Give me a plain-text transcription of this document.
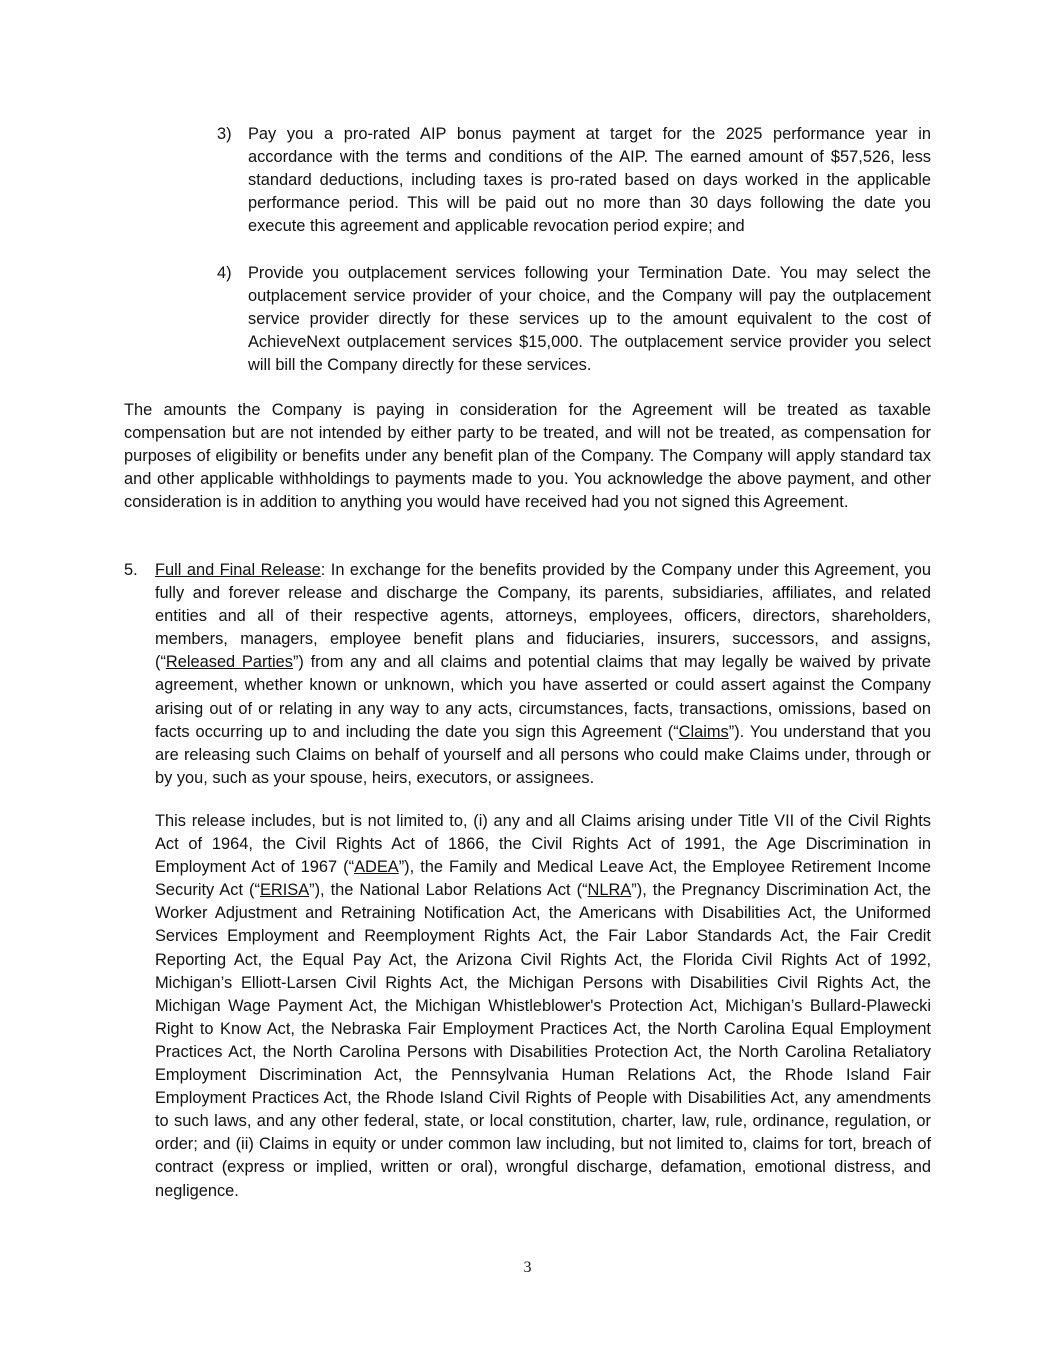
3)	Pay you a pro-rated AIP bonus payment at target for the 2025 performance year in accordance with the terms and conditions of the AIP. The earned amount of $57,526, less standard deductions, including taxes is pro-rated based on days worked in the applicable performance period. This will be paid out no more than 30 days following the date you execute this agreement and applicable revocation period expire; and
4)	Provide you outplacement services following your Termination Date. You may select the outplacement service provider of your choice, and the Company will pay the outplacement service provider directly for these services up to the amount equivalent to the cost of AchieveNext outplacement services $15,000. The outplacement service provider you select will bill the Company directly for these services.
The amounts the Company is paying in consideration for the Agreement will be treated as taxable compensation but are not intended by either party to be treated, and will not be treated, as compensation for purposes of eligibility or benefits under any benefit plan of the Company. The Company will apply standard tax and other applicable withholdings to payments made to you. You acknowledge the above payment, and other consideration is in addition to anything you would have received had you not signed this Agreement.
5. Full and Final Release: In exchange for the benefits provided by the Company under this Agreement, you fully and forever release and discharge the Company, its parents, subsidiaries, affiliates, and related entities and all of their respective agents, attorneys, employees, officers, directors, shareholders, members, managers, employee benefit plans and fiduciaries, insurers, successors, and assigns, (“Released Parties”) from any and all claims and potential claims that may legally be waived by private agreement, whether known or unknown, which you have asserted or could assert against the Company arising out of or relating in any way to any acts, circumstances, facts, transactions, omissions, based on facts occurring up to and including the date you sign this Agreement (“Claims”). You understand that you are releasing such Claims on behalf of yourself and all persons who could make Claims under, through or by you, such as your spouse, heirs, executors, or assignees.
This release includes, but is not limited to, (i) any and all Claims arising under Title VII of the Civil Rights Act of 1964, the Civil Rights Act of 1866, the Civil Rights Act of 1991, the Age Discrimination in Employment Act of 1967 (“ADEA”), the Family and Medical Leave Act, the Employee Retirement Income Security Act (“ERISA”), the National Labor Relations Act (“NLRA”), the Pregnancy Discrimination Act, the Worker Adjustment and Retraining Notification Act, the Americans with Disabilities Act, the Uniformed Services Employment and Reemployment Rights Act, the Fair Labor Standards Act, the Fair Credit Reporting Act, the Equal Pay Act, the Arizona Civil Rights Act, the Florida Civil Rights Act of 1992, Michigan’s Elliott-Larsen Civil Rights Act, the Michigan Persons with Disabilities Civil Rights Act, the Michigan Wage Payment Act, the Michigan Whistleblower's Protection Act, Michigan’s Bullard-Plawecki Right to Know Act, the Nebraska Fair Employment Practices Act, the North Carolina Equal Employment Practices Act, the North Carolina Persons with Disabilities Protection Act, the North Carolina Retaliatory Employment Discrimination Act, the Pennsylvania Human Relations Act, the Rhode Island Fair Employment Practices Act, the Rhode Island Civil Rights of People with Disabilities Act, any amendments to such laws, and any other federal, state, or local constitution, charter, law, rule, ordinance, regulation, or order; and (ii) Claims in equity or under common law including, but not limited to, claims for tort, breach of contract (express or implied, written or oral), wrongful discharge, defamation, emotional distress, and negligence.
3
